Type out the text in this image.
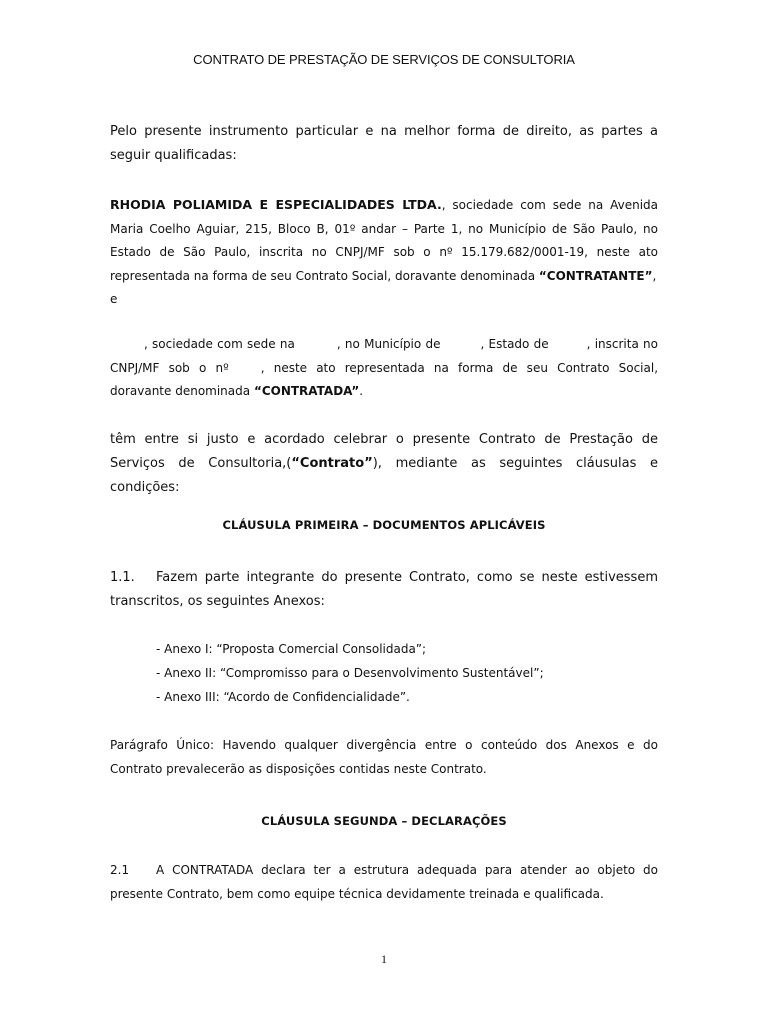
CONTRATO DE PRESTAÇÃO DE SERVIÇOS DE CONSULTORIA

Pelo presente instrumento particular e na melhor forma de direito, as partes a seguir qualificadas:

RHODIA POLIAMIDA E ESPECIALIDADES LTDA., sociedade com sede na Avenida Maria Coelho Aguiar, 215, Bloco B, 01º andar – Parte 1, no Município de São Paulo, no Estado de São Paulo, inscrita no CNPJ/MF sob o nº 15.179.682/0001-19, neste ato representada na forma de seu Contrato Social, doravante denominada “CONTRATANTE”,
e

, sociedade com sede na	, no Município de	, Estado de	, inscrita no CNPJ/MF sob o nº	, neste ato representada na forma de seu Contrato Social, doravante denominada “CONTRATADA”.

têm entre si justo e acordado celebrar o presente Contrato de Prestação de Serviços de Consultoria,(“Contrato”), mediante as seguintes cláusulas e condições:

CLÁUSULA PRIMEIRA – DOCUMENTOS APLICÁVEIS

1.1. Fazem parte integrante do presente Contrato, como se neste estivessem transcritos, os seguintes Anexos:

- Anexo I: “Proposta Comercial Consolidada”;
- Anexo II: “Compromisso para o Desenvolvimento Sustentável”;
- Anexo III: “Acordo de Confidencialidade”.

Parágrafo Único: Havendo qualquer divergência entre o conteúdo dos Anexos e do Contrato prevalecerão as disposições contidas neste Contrato.

CLÁUSULA SEGUNDA – DECLARAÇÕES

2.1 A CONTRATADA declara ter a estrutura adequada para atender ao objeto do presente Contrato, bem como equipe técnica devidamente treinada e qualificada.

1
